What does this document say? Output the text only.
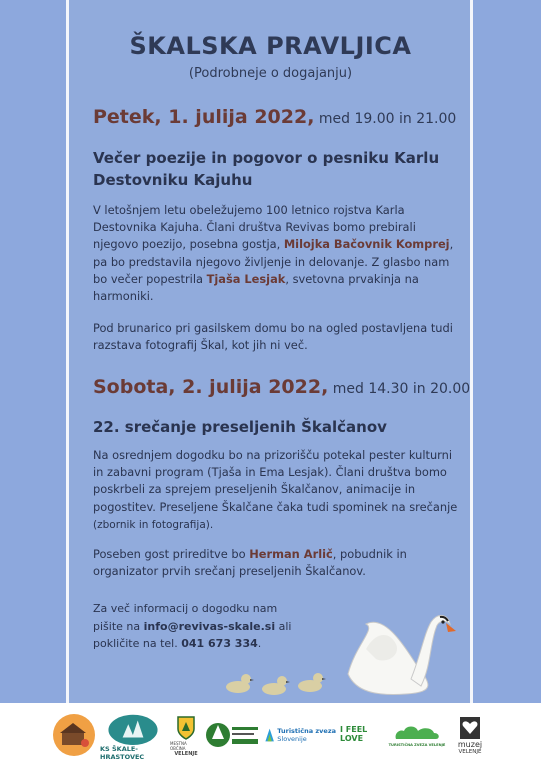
ŠKALSKA PRAVLJICA
(Podrobneje o dogajanju)
Petek, 1. julija 2022, med 19.00 in 21.00
Večer poezije in pogovor o pesniku Karlu
Destovniku Kajuhu
V letošnjem letu obeležujemo 100 letnico rojstva Karla Destovnika Kajuha. Člani društva Revivas bomo prebirali njegovo poezijo, posebna gostja, Milojka Bačovnik Komprej, pa bo predstavila njegovo življenje in delovanje. Z glasbo nam bo večer popestrila Tjaša Lesjak, svetovna prvakinja na harmoniki.
Pod brunarico pri gasilskem domu bo na ogled postavljena tudi razstava fotografij Škal, kot jih ni več.
Sobota, 2. julija 2022, med 14.30 in 20.00
22. srečanje preseljenih Škalčanov
Na osrednjem dogodku bo na prizorišču potekal pester kulturni in zabavni program (Tjaša in Ema Lesjak). Člani društva bomo poskrbeli za sprejem preseljenih Škalčanov, animacije in pogostitev. Preseljene Škalčane čaka tudi spominek na srečanje (zbornik in fotografija).
Poseben gost prireditve bo Herman Arlič, pobudnik in organizator prvih srečanj preseljenih Škalčanov.
Za več informacij o dogodku nam
pišite na info@revivas-skale.si ali
pokličite na tel. 041 673 334.
KS ŠKALE-HRASTOVEC
MESTNA OBČINA
VELENJE
Turistična zveza
Slovenije
I FEEL
LOVE
TURISTIČNA ZVEZA VELENJE muzej
VELENJE
